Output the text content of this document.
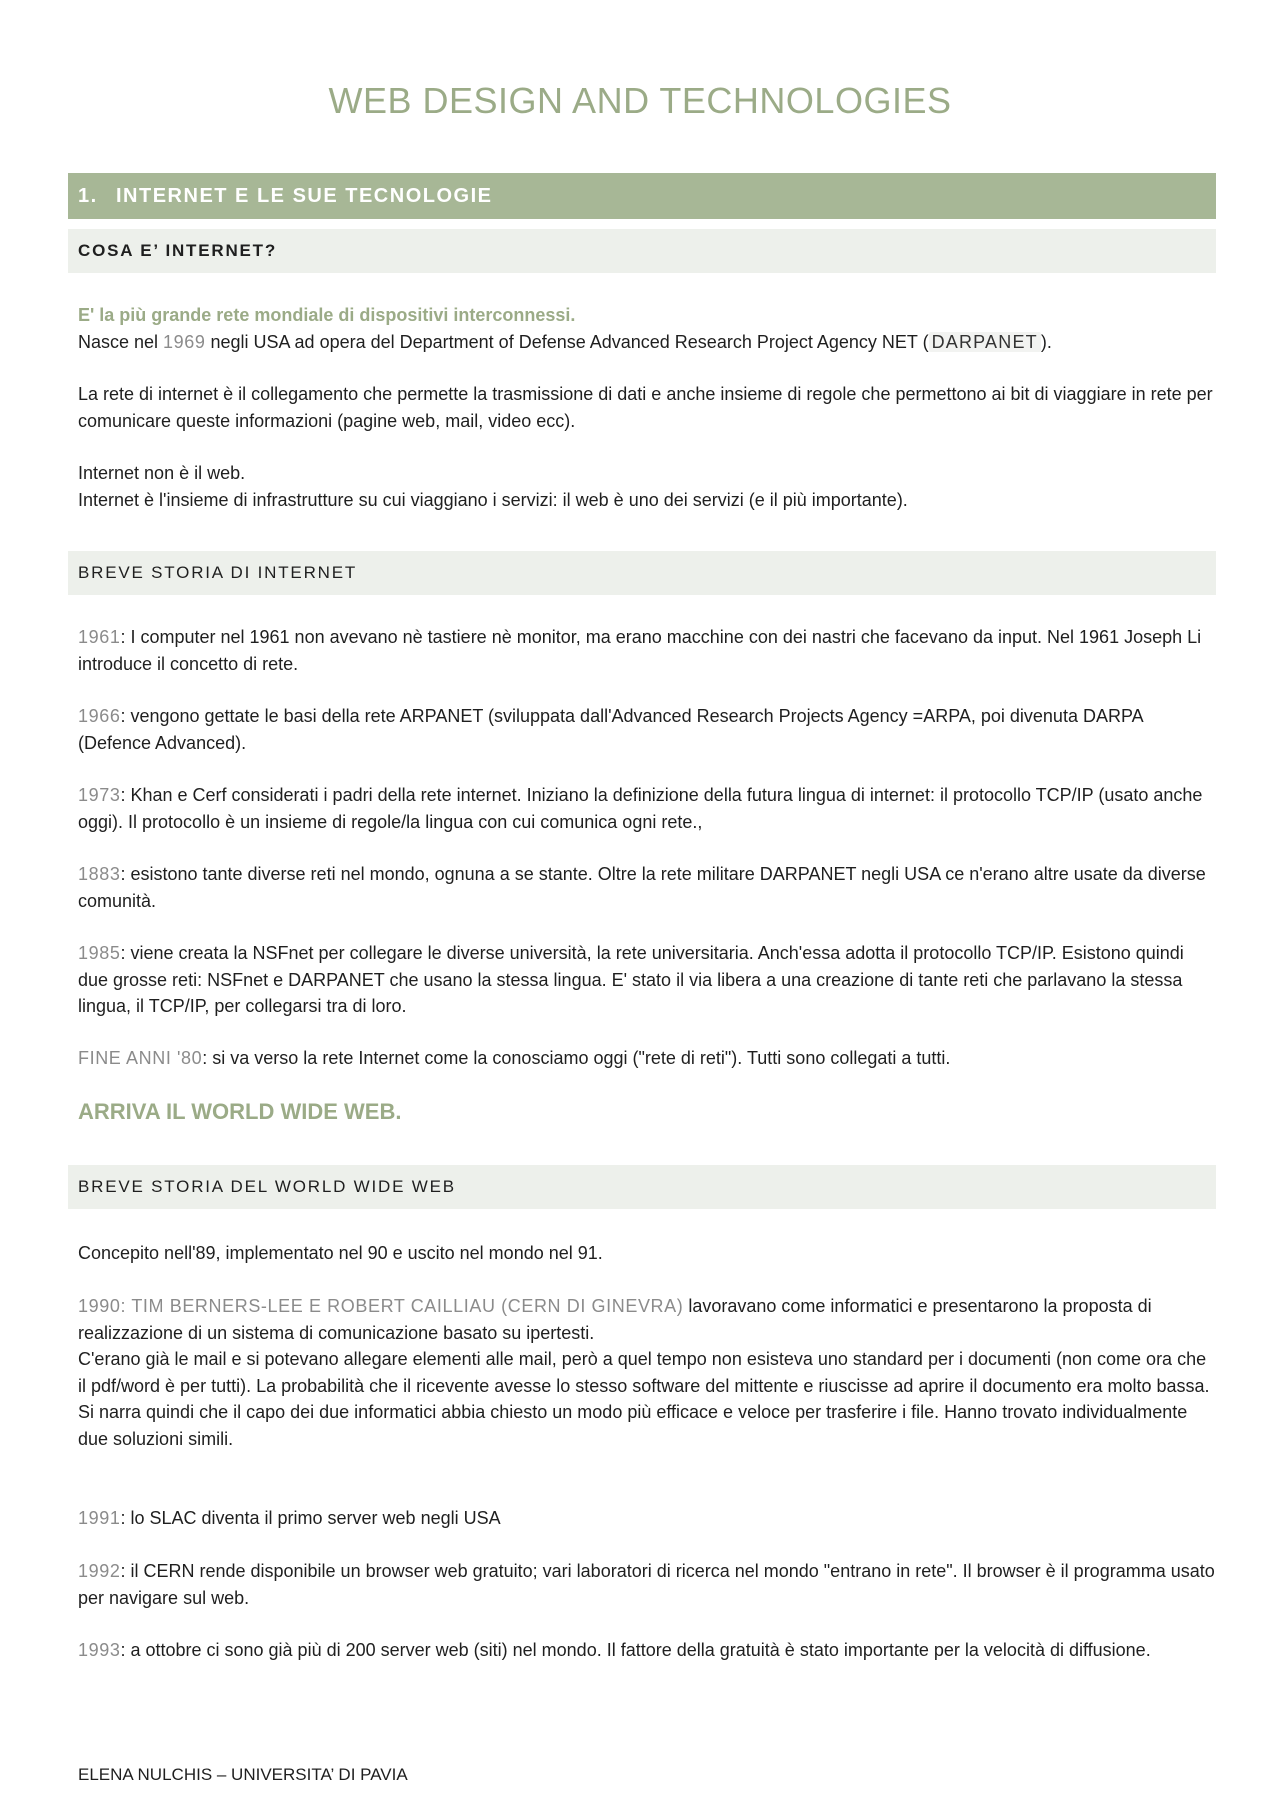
WEB DESIGN AND TECHNOLOGIES
1. INTERNET E LE SUE TECNOLOGIE
COSA E’ INTERNET?

E' la più grande rete mondiale di dispositivi interconnessi.
Nasce nel 1969 negli USA ad opera del Department of Defense Advanced Research Project Agency NET ( DARPANET ).

La rete di internet è il collegamento che permette la trasmissione di dati e anche insieme di regole che permettono ai bit di viaggiare in rete per comunicare queste informazioni (pagine web, mail, video ecc).

Internet non è il web.
Internet è l'insieme di infrastrutture su cui viaggiano i servizi: il web è uno dei servizi (e il più importante).

BREVE STORIA DI INTERNET

1961: I computer nel 1961 non avevano nè tastiere nè monitor, ma erano macchine con dei nastri che facevano da input. Nel 1961 Joseph Li introduce il concetto di rete.

1966: vengono gettate le basi della rete ARPANET (sviluppata dall'Advanced Research Projects Agency =ARPA, poi divenuta DARPA (Defence Advanced).

1973: Khan e Cerf considerati i padri della rete internet. Iniziano la definizione della futura lingua di internet: il protocollo TCP/IP (usato anche oggi). Il protocollo è un insieme di regole/la lingua con cui comunica ogni rete.,

1883: esistono tante diverse reti nel mondo, ognuna a se stante. Oltre la rete militare DARPANET negli USA ce n'erano altre usate da diverse comunità.

1985: viene creata la NSFnet per collegare le diverse università, la rete universitaria. Anch'essa adotta il protocollo TCP/IP. Esistono quindi due grosse reti: NSFnet e DARPANET che usano la stessa lingua. E' stato il via libera a una creazione di tante reti che parlavano la stessa lingua, il TCP/IP, per collegarsi tra di loro.

FINE ANNI '80: si va verso la rete Internet come la conosciamo oggi ("rete di reti"). Tutti sono collegati a tutti.

ARRIVA IL WORLD WIDE WEB.
BREVE STORIA DEL WORLD WIDE WEB

Concepito nell'89, implementato nel 90 e uscito nel mondo nel 91.

1990: TIM BERNERS-LEE E ROBERT CAILLIAU (CERN DI GINEVRA) lavoravano come informatici e presentarono la proposta di realizzazione di un sistema di comunicazione basato su ipertesti.
C'erano già le mail e si potevano allegare elementi alle mail, però a quel tempo non esisteva uno standard per i documenti (non come ora che il pdf/word è per tutti). La probabilità che il ricevente avesse lo stesso software del mittente e riuscisse ad aprire il documento era molto bassa.
Si narra quindi che il capo dei due informatici abbia chiesto un modo più efficace e veloce per trasferire i file. Hanno trovato individualmente due soluzioni simili.

1991: lo SLAC diventa il primo server web negli USA

1992: il CERN rende disponibile un browser web gratuito; vari laboratori di ricerca nel mondo "entrano in rete". Il browser è il programma usato per navigare sul web.

1993: a ottobre ci sono già più di 200 server web (siti) nel mondo. Il fattore della gratuità è stato importante per la velocità di diffusione.

ELENA NULCHIS – UNIVERSITA’ DI PAVIA
